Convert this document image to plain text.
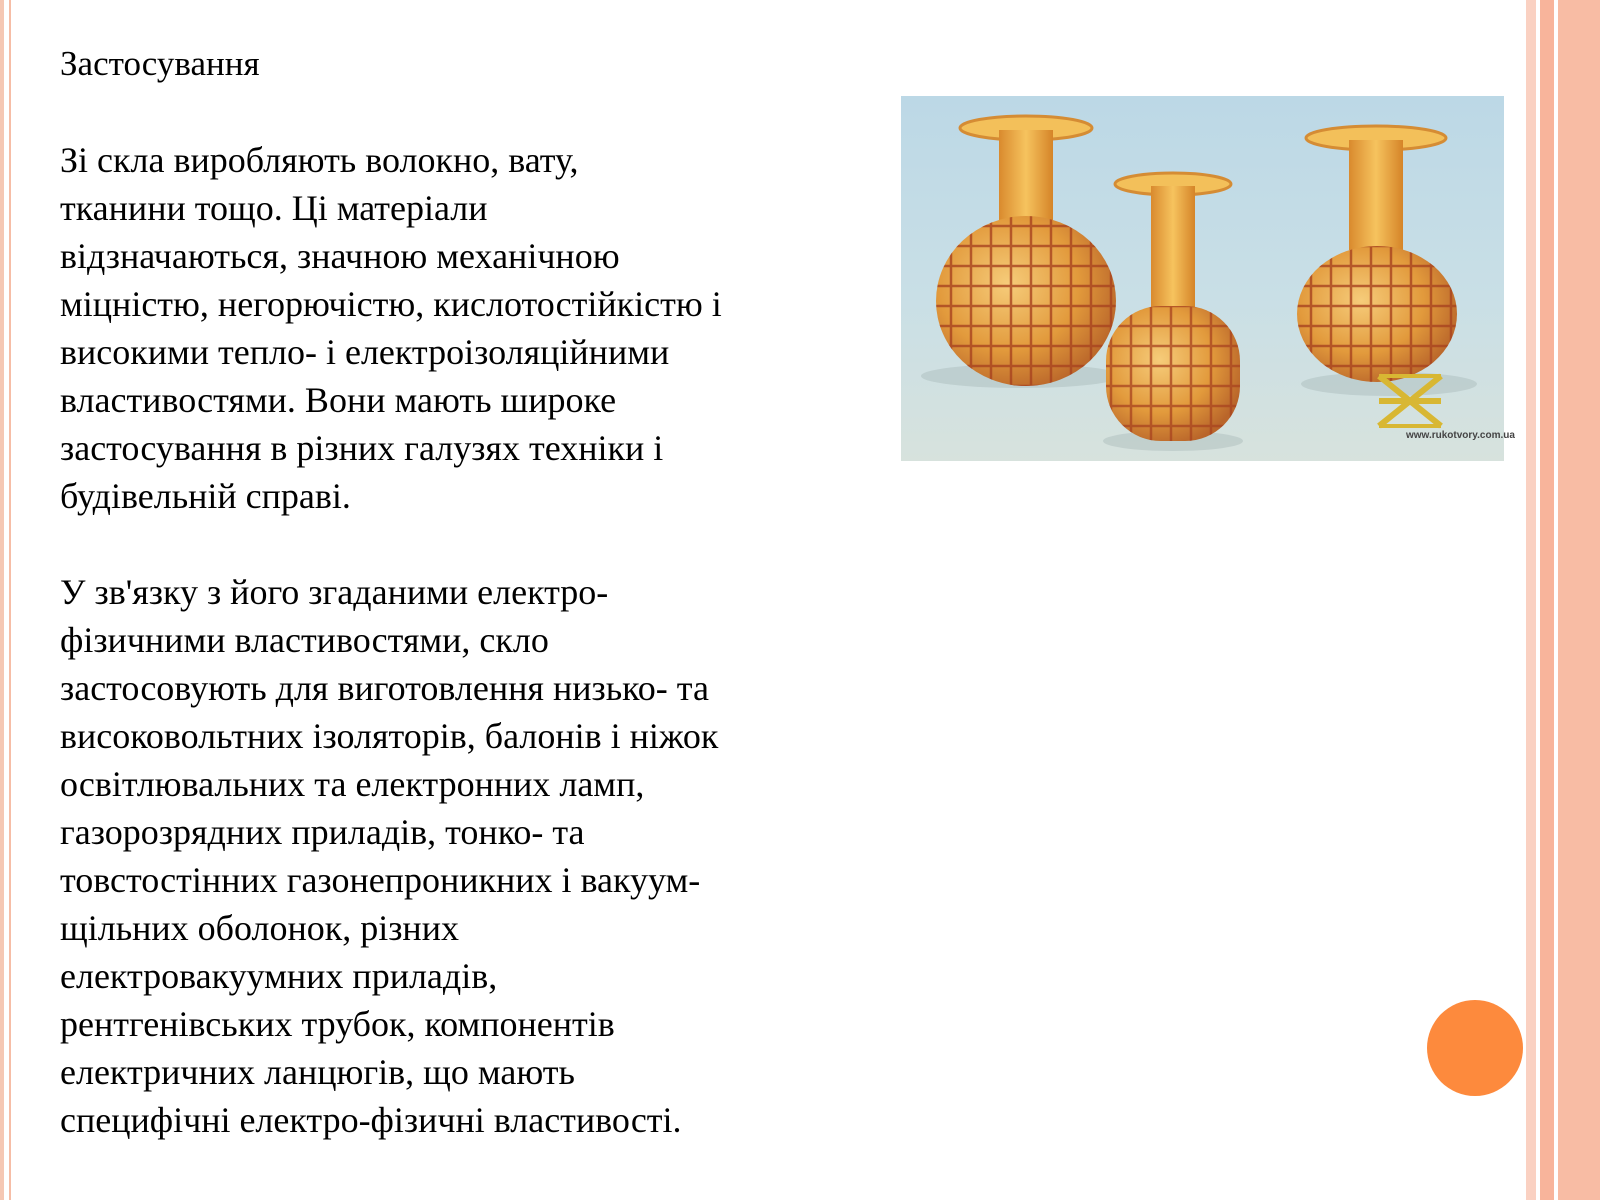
Застосування

Зі скла виробляють волокно, вату,
тканини тощо. Ці матеріали
відзначаються, значною механічною
міцністю, негорючістю, кислотостійкістю і
високими тепло- і електроізоляційними
властивостями. Вони мають широке
застосування в різних галузях техніки і
будівельній справі.

У зв'язку з його згаданими електро-
фізичними властивостями, скло
застосовують для виготовлення низько- та
високовольтних ізоляторів, балонів і ніжок
освітлювальних та електронних ламп,
газорозрядних приладів, тонко- та
товстостінних газонепроникних і вакуум-
щільних оболонок, різних
електровакуумних приладів,
рентгенівських трубок, компонентів
електричних ланцюгів, що мають
специфічні електро-фізичні властивості.

www.rukotvory.com.ua
